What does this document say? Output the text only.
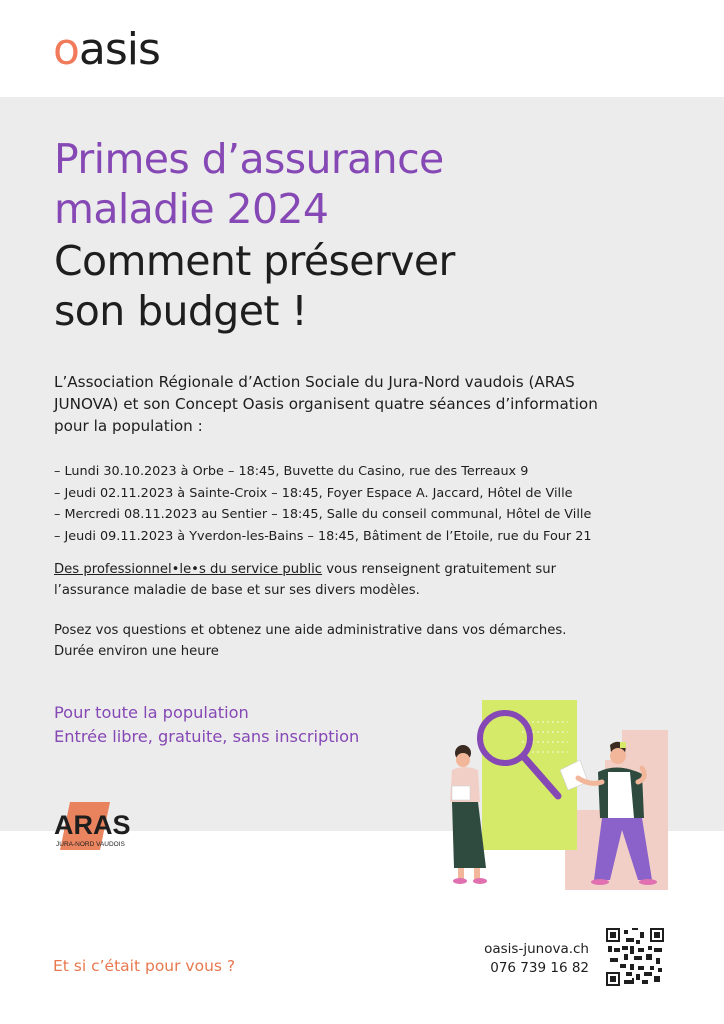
oasis
Primes d’assurance
maladie 2024
Comment préserver
son budget !

L’Association Régionale d’Action Sociale du Jura-Nord vaudois (ARAS JUNOVA) et son Concept Oasis organisent quatre séances d’information pour la population :

– Lundi 30.10.2023 à Orbe – 18:45, Buvette du Casino, rue des Terreaux 9
– Jeudi 02.11.2023 à Sainte-Croix – 18:45, Foyer Espace A. Jaccard, Hôtel de Ville
– Mercredi 08.11.2023 au Sentier – 18:45, Salle du conseil communal, Hôtel de Ville
– Jeudi 09.11.2023 à Yverdon-les-Bains – 18:45, Bâtiment de l’Etoile, rue du Four 21

Des professionnel•le•s du service public vous renseignent gratuitement sur l’assurance maladie de base et sur ses divers modèles.

Posez vos questions et obtenez une aide administrative dans vos démarches.
Durée environ une heure

Pour toute la population
Entrée libre, gratuite, sans inscription
ARAS
JURA-NORD VAUDOIS
Et si c’était pour vous ?
oasis-junova.ch
076 739 16 82
